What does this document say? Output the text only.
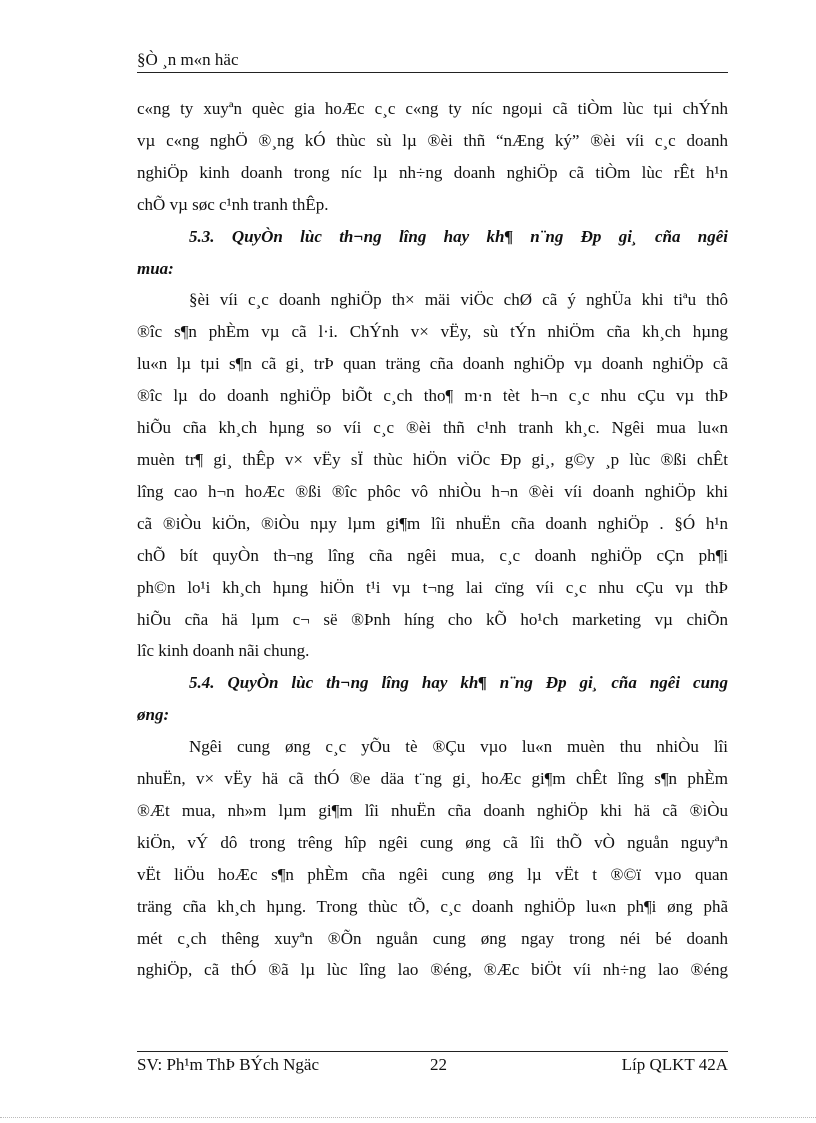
§Ò ¸n m«n häc
c«ng ty xuyªn quèc gia hoÆc c¸c c«ng ty níc ngoµi cã tiÒm lùc tµi chÝnh
vµ c«ng nghÖ ®¸ng kÓ thùc sù lµ ®èi thñ “nÆng ký” ®èi víi c¸c doanh
nghiÖp kinh doanh trong níc lµ nh÷ng doanh nghiÖp cã tiÒm lùc rÊt h¹n
chÕ vµ søc c¹nh tranh thÊp.
5.3. QuyÒn lùc th¬ng lîng hay kh¶ n¨ng Ðp gi¸ cña ngêi
mua:
§èi víi c¸c doanh nghiÖp th× mäi viÖc chØ cã ý nghÜa khi tiªu thô
®îc s¶n phÈm vµ cã l·i. ChÝnh v× vËy, sù tÝn nhiÖm cña kh¸ch hµng
lu«n lµ tµi s¶n cã gi¸ trÞ quan träng cña doanh nghiÖp vµ doanh nghiÖp cã
®îc lµ do doanh nghiÖp biÕt c¸ch tho¶ m·n tèt h¬n c¸c nhu cÇu vµ thÞ
hiÕu cña kh¸ch hµng so víi c¸c ®èi thñ c¹nh tranh kh¸c. Ngêi mua lu«n
muèn tr¶ gi¸ thÊp v× vËy sÏ thùc hiÖn viÖc Ðp gi¸, g©y ¸p lùc ®ßi chÊt
lîng cao h¬n hoÆc ®ßi ®îc phôc vô nhiÒu h¬n ®èi víi doanh nghiÖp khi
cã ®iÒu kiÖn, ®iÒu nµy lµm gi¶m lîi nhuËn cña doanh nghiÖp . §Ó h¹n
chÕ bít quyÒn th¬ng lîng cña ngêi mua, c¸c doanh nghiÖp cÇn ph¶i
ph©n lo¹i kh¸ch hµng hiÖn t¹i vµ t¬ng lai cïng víi c¸c nhu cÇu vµ thÞ
hiÕu cña hä lµm c¬ së ®Þnh híng cho kÕ ho¹ch marketing vµ chiÕn
lîc kinh doanh nãi chung.
5.4. QuyÒn lùc th¬ng lîng hay kh¶ n¨ng Ðp gi¸ cña ngêi cung
øng:
Ngêi cung øng c¸c yÕu tè ®Çu vµo lu«n muèn thu nhiÒu lîi
nhuËn, v× vËy hä cã thÓ ®e däa t¨ng gi¸ hoÆc gi¶m chÊt lîng s¶n phÈm
®Æt mua, nh»m lµm gi¶m lîi nhuËn cña doanh nghiÖp khi hä cã ®iÒu
kiÖn, vÝ dô trong trêng hîp ngêi cung øng cã lîi thÕ vÒ nguån nguyªn
vËt liÖu hoÆc s¶n phÈm cña ngêi cung øng lµ vËt t ®©ï vµo quan
träng cña kh¸ch hµng. Trong thùc tÕ, c¸c doanh nghiÖp lu«n ph¶i øng phã
mét c¸ch thêng xuyªn ®Õn nguån cung øng ngay trong néi bé doanh
nghiÖp, cã thÓ ®ã lµ lùc lîng lao ®éng, ®Æc biÖt víi nh÷ng lao ®éng
SV: Ph¹m ThÞ BÝch Ngäc	22	Líp QLKT 42A
